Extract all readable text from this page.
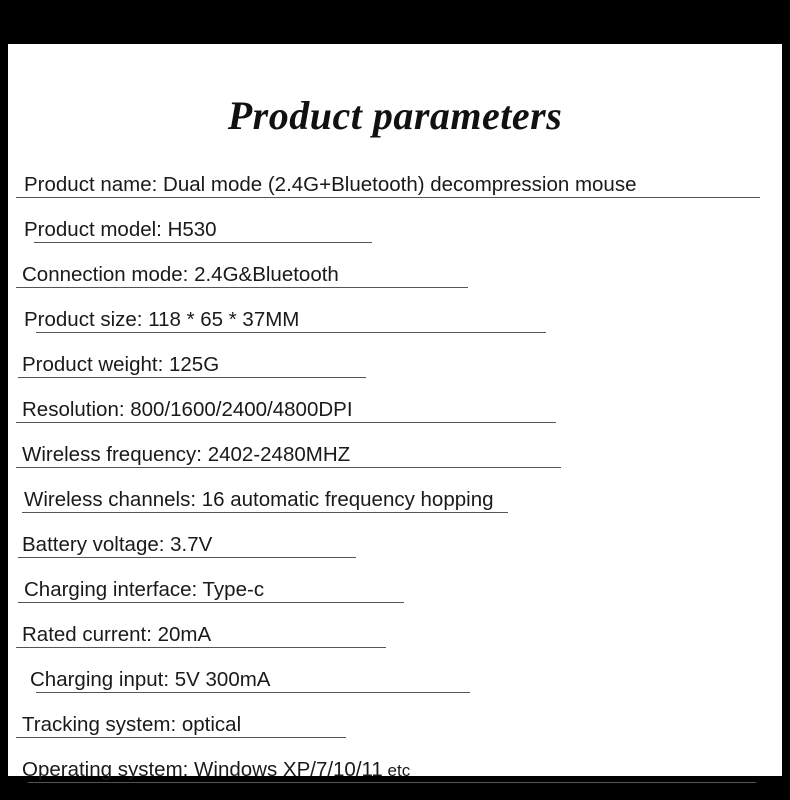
Product parameters
Product name: Dual mode (2.4G+Bluetooth) decompression mouse
Product model: H530
Connection mode: 2.4G&Bluetooth
Product size: 118 * 65 * 37MM
Product weight: 125G
Resolution: 800/1600/2400/4800DPI
Wireless frequency: 2402-2480MHZ
Wireless channels: 16 automatic frequency hopping
Battery voltage: 3.7V
Charging interface: Type-c
Rated current: 20mA
Charging input: 5V 300mA
Tracking system: optical
Operating system: Windows XP/7/10/11 etc
